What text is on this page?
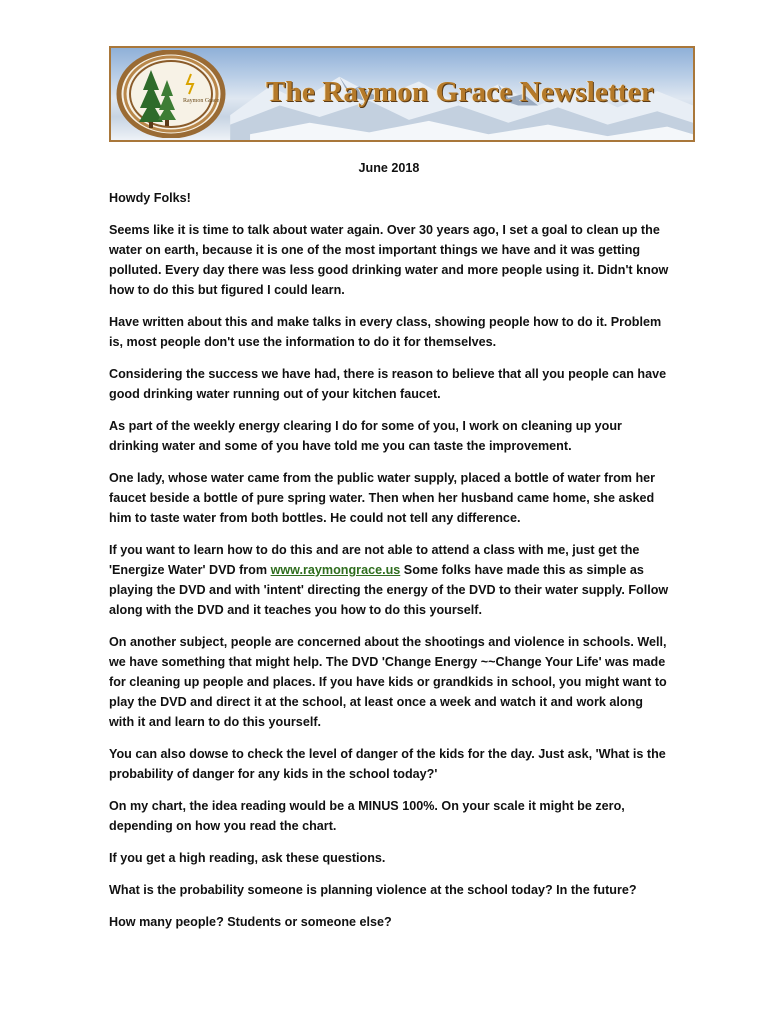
Raymon Grace The Raymon Grace Newsletter
June 2018

Howdy Folks!

Seems like it is time to talk about water again. Over 30 years ago, I set a goal to clean up the water on earth, because it is one of the most important things we have and it was getting polluted. Every day there was less good drinking water and more people using it. Didn't know how to do this but figured I could learn.

Have written about this and make talks in every class, showing people how to do it. Problem is, most people don't use the information to do it for themselves.

Considering the success we have had, there is reason to believe that all you people can have good drinking water running out of your kitchen faucet.

As part of the weekly energy clearing I do for some of you, I work on cleaning up your drinking water and some of you have told me you can taste the improvement.

One lady, whose water came from the public water supply, placed a bottle of water from her faucet beside a bottle of pure spring water. Then when her husband came home, she asked him to taste water from both bottles. He could not tell any difference.

If you want to learn how to do this and are not able to attend a class with me, just get the 'Energize Water' DVD from www.raymongrace.us Some folks have made this as simple as playing the DVD and with 'intent' directing the energy of the DVD to their water supply. Follow along with the DVD and it teaches you how to do this yourself.

On another subject, people are concerned about the shootings and violence in schools. Well, we have something that might help. The DVD 'Change Energy ~~Change Your Life' was made for cleaning up people and places. If you have kids or grandkids in school, you might want to play the DVD and direct it at the school, at least once a week and watch it and work along with it and learn to do this yourself.

You can also dowse to check the level of danger of the kids for the day. Just ask, 'What is the probability of danger for any kids in the school today?'

On my chart, the idea reading would be a MINUS 100%. On your scale it might be zero, depending on how you read the chart.

If you get a high reading, ask these questions.

What is the probability someone is planning violence at the school today? In the future?

How many people? Students or someone else?
